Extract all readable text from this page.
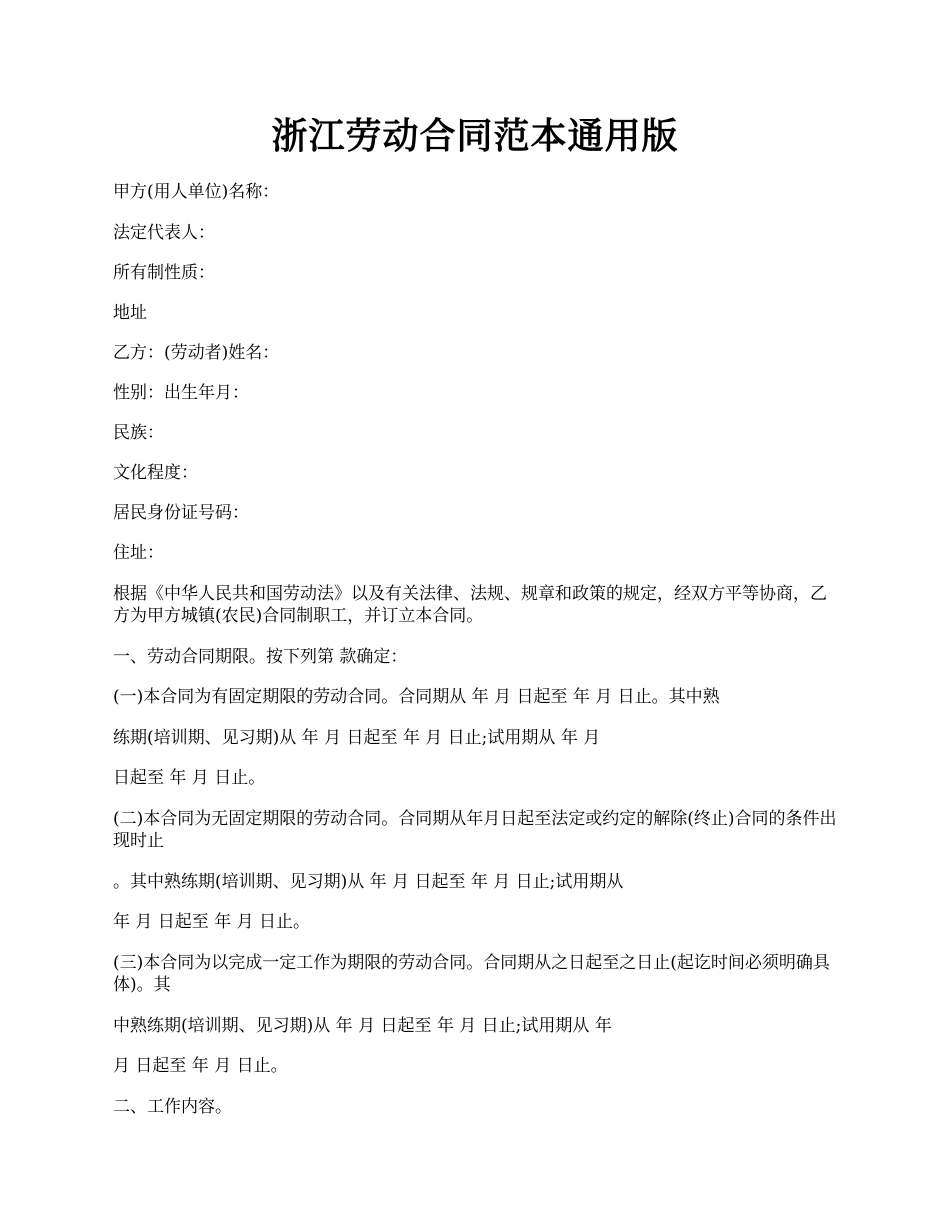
浙江劳动合同范本通用版

甲方(用人单位)名称：

法定代表人：

所有制性质：

地址

乙方：(劳动者)姓名：

性别：出生年月：

民族：

文化程度：

居民身份证号码：

住址：

根据《中华人民共和国劳动法》以及有关法律、法规、规章和政策的规定，经双方平等协商，乙方为甲方城镇(农民)合同制职工，并订立本合同。

一、劳动合同期限。按下列第 款确定：

(一)本合同为有固定期限的劳动合同。合同期从 年 月 日起至 年 月 日止。其中熟

练期(培训期、见习期)从 年 月 日起至 年 月 日止;试用期从 年 月

日起至 年 月 日止。

(二)本合同为无固定期限的劳动合同。合同期从年月日起至法定或约定的解除(终止)合同的条件出现时止

。其中熟练期(培训期、见习期)从 年 月 日起至 年 月 日止;试用期从

年 月 日起至 年 月 日止。

(三)本合同为以完成一定工作为期限的劳动合同。合同期从之日起至之日止(起讫时间必须明确具体)。其

中熟练期(培训期、见习期)从 年 月 日起至 年 月 日止;试用期从 年

月 日起至 年 月 日止。

二、工作内容。
